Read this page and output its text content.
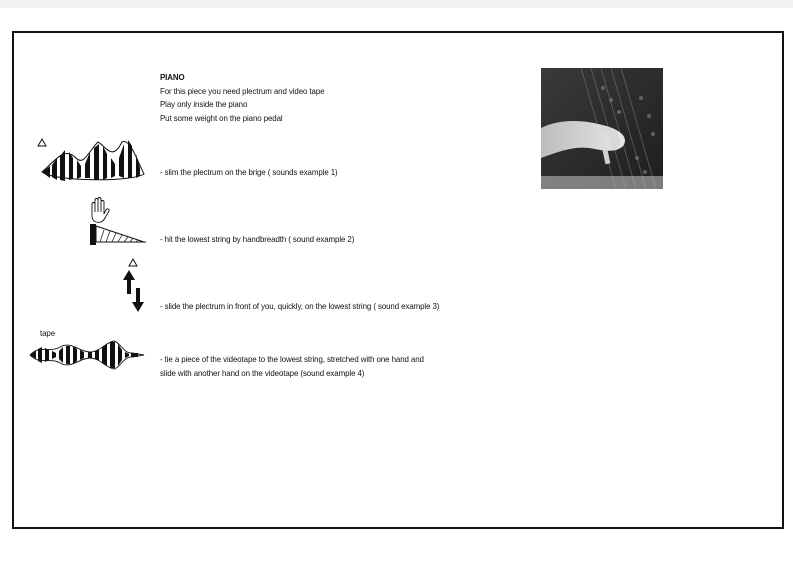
PIANO
For this piece you need plectrum and video tape
Play only inside the piano
Put some weight on the piano pedal
- slim the plectrum on the brige ( sounds example 1)
- hit the lowest string by handbreadth ( sound example 2)
- slide the plectrum in front of you, quickly, on the lowest string ( sound example 3)
tape
- tie a piece of the videotape to the lowest string, stretched with one hand and
slide with another hand on the videotape (sound example 4)
